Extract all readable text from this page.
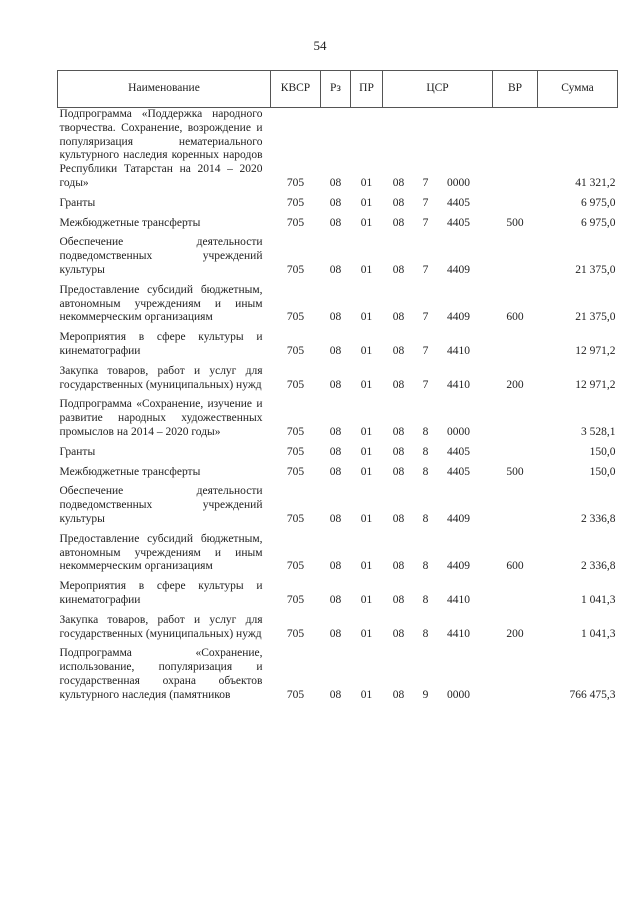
54
Наименование	КВСР	Рз	ПР	ЦСР	ВР	Сумма
Подпрограмма «Поддержка народного творчества. Сохранение, возрождение и популяризация нематериального культурного наследия коренных народов Республики Татарстан на 2014 – 2020 годы»	705	08	01	08 7 0000		41 321,2
Гранты	705	08	01	08 7 4405		6 975,0
Межбюджетные трансферты	705	08	01	08 7 4405	500	6 975,0
Обеспечение деятельности подведомственных учреждений культуры	705	08	01	08 7 4409		21 375,0
Предоставление субсидий бюджетным, автономным учреждениям и иным некоммерческим организациям	705	08	01	08 7 4409	600	21 375,0
Мероприятия в сфере культуры и кинематографии	705	08	01	08 7 4410		12 971,2
Закупка товаров, работ и услуг для государственных (муниципальных) нужд	705	08	01	08 7 4410	200	12 971,2
Подпрограмма «Сохранение, изучение и развитие народных художественных промыслов на 2014 – 2020 годы»	705	08	01	08 8 0000		3 528,1
Гранты	705	08	01	08 8 4405		150,0
Межбюджетные трансферты	705	08	01	08 8 4405	500	150,0
Обеспечение деятельности подведомственных учреждений культуры	705	08	01	08 8 4409		2 336,8
Предоставление субсидий бюджетным, автономным учреждениям и иным некоммерческим организациям	705	08	01	08 8 4409	600	2 336,8
Мероприятия в сфере культуры и кинематографии	705	08	01	08 8 4410		1 041,3
Закупка товаров, работ и услуг для государственных (муниципальных) нужд	705	08	01	08 8 4410	200	1 041,3
Подпрограмма «Сохранение, использование, популяризация и государственная охрана объектов культурного наследия (памятников	705	08	01	08 9 0000		766 475,3
